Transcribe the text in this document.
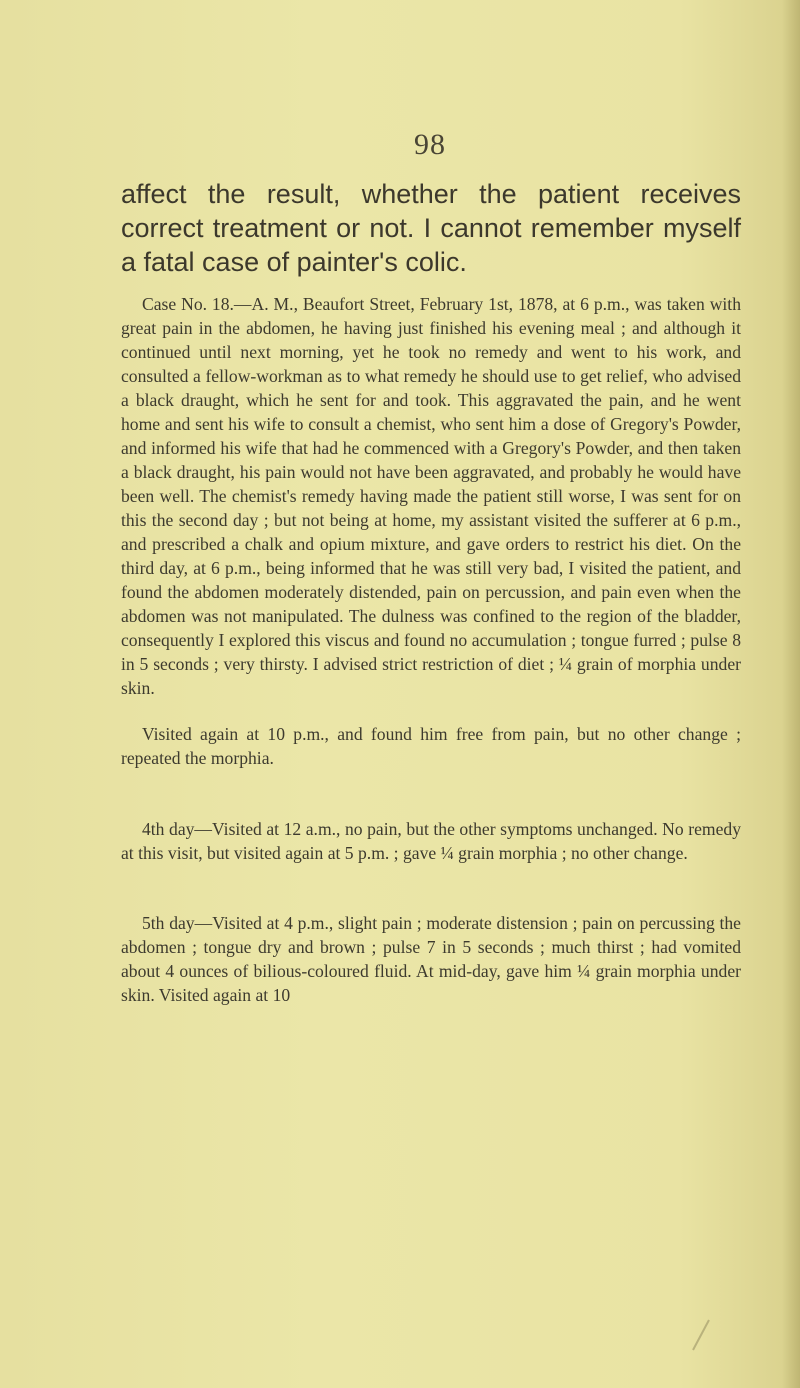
98
affect the result, whether the patient receives correct treatment or not. I cannot remember myself a fatal case of painter's colic.

Case No. 18.—A. M., Beaufort Street, February 1st, 1878, at 6 p.m., was taken with great pain in the abdomen, he having just finished his evening meal ; and although it continued until next morning, yet he took no remedy and went to his work, and consulted a fellow-workman as to what remedy he should use to get relief, who advised a black draught, which he sent for and took. This aggravated the pain, and he went home and sent his wife to consult a chemist, who sent him a dose of Gregory's Powder, and informed his wife that had he commenced with a Gregory's Powder, and then taken a black draught, his pain would not have been aggravated, and probably he would have been well. The chemist's remedy having made the patient still worse, I was sent for on this the second day ; but not being at home, my assistant visited the sufferer at 6 p.m., and prescribed a chalk and opium mixture, and gave orders to restrict his diet. On the third day, at 6 p.m., being informed that he was still very bad, I visited the patient, and found the abdomen moderately distended, pain on percussion, and pain even when the abdomen was not manipulated. The dulness was confined to the region of the bladder, consequently I explored this viscus and found no accumulation ; tongue furred ; pulse 8 in 5 seconds ; very thirsty. I advised strict restriction of diet ; ¼ grain of morphia under skin.

Visited again at 10 p.m., and found him free from pain, but no other change ; repeated the morphia.

4th day—Visited at 12 a.m., no pain, but the other symptoms unchanged. No remedy at this visit, but visited again at 5 p.m. ; gave ¼ grain morphia ; no other change.

5th day—Visited at 4 p.m., slight pain ; moderate distension ; pain on percussing the abdomen ; tongue dry and brown ; pulse 7 in 5 seconds ; much thirst ; had vomited about 4 ounces of bilious-coloured fluid. At mid-day, gave him ¼ grain morphia under skin. Visited again at 10
